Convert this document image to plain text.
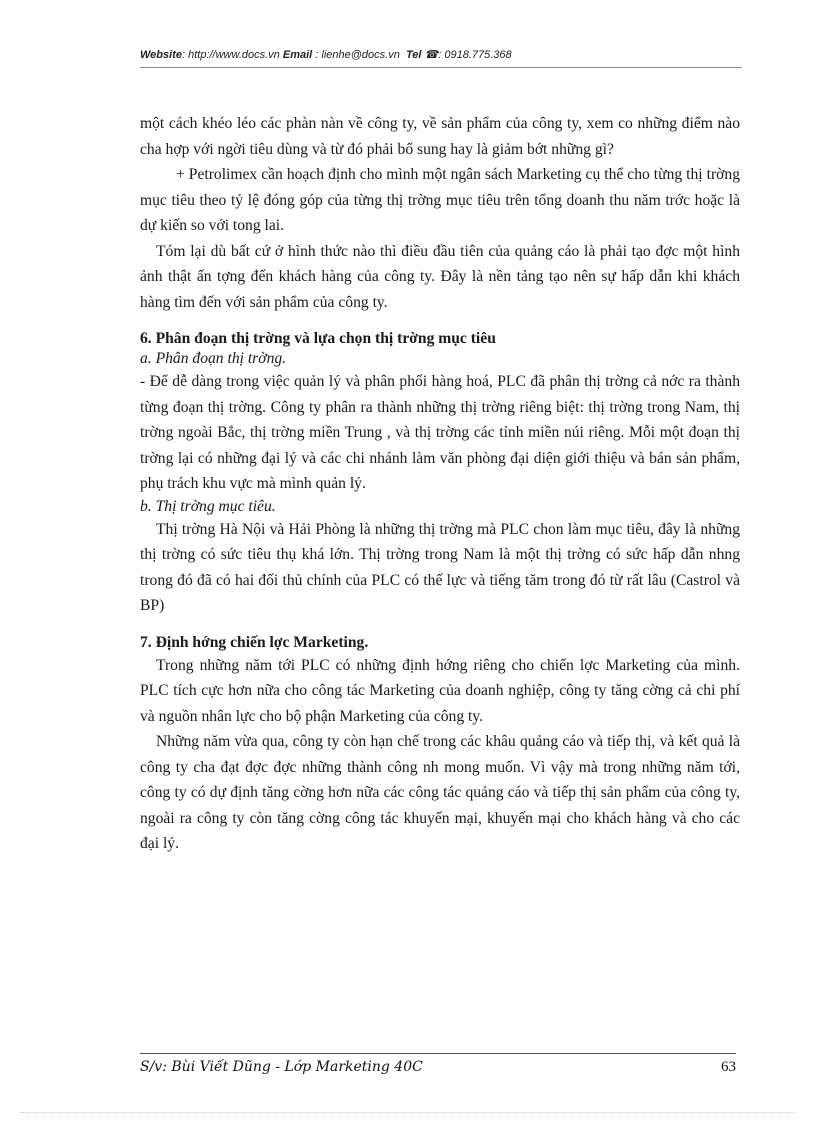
Website: http://www.docs.vn Email : lienhe@docs.vn Tel ☎: 0918.775.368

một cách khéo léo các phàn nàn về công ty, về sản phẩm của công ty, xem co những điểm nào cha hợp với ngời tiêu dùng và từ đó phải bổ sung hay là giảm bớt những gì?

+ Petrolimex cần hoạch định cho mình một ngân sách Marketing cụ thể cho từng thị trờng mục tiêu theo tỷ lệ đóng góp của từng thị trờng mục tiêu trên tổng doanh thu năm trớc hoặc là dự kiến so với tong lai.

Tóm lại dù bất cứ ở hình thức nào thì điều đầu tiên của quảng cáo là phải tạo đợc một hình ảnh thật ấn tợng đến khách hàng của công ty. Đây là nền tảng tạo nên sự hấp dẫn khi khách hàng tìm đến với sản phẩm của công ty.

6. Phân đoạn thị trờng và lựa chọn thị trờng mục tiêu

a. Phân đoạn thị trờng.

- Để dễ dàng trong việc quản lý và phân phối hàng hoá, PLC đã phân thị trờng cả nớc ra thành từng đoạn thị trờng. Công ty phân ra thành những thị trờng riêng biệt: thị trờng trong Nam, thị trờng ngoài Bắc, thị trờng miền Trung , và thị trờng các tỉnh miền núi riêng. Mỗi một đoạn thị trờng lại có những đại lý và các chi nhánh làm văn phòng đại diện giới thiệu và bán sản phẩm, phụ trách khu vực mà mình quản lý.

b. Thị trờng mục tiêu.

Thị trờng Hà Nội và Hải Phòng là những thị trờng mà PLC chon làm mục tiêu, đây là những thị trờng có sức tiêu thụ khá lớn. Thị trờng trong Nam là một thị trờng có sức hấp dẫn nhng trong đó đã có hai đối thủ chính của PLC có thế lực và tiếng tăm trong đó từ rất lâu (Castrol và BP)

7. Định hớng chiến lợc Marketing.

Trong những năm tới PLC có những định hớng riêng cho chiến lợc Marketing của mình. PLC tích cực hơn nữa cho công tác Marketing của doanh nghiệp, công ty tăng cờng cả chi phí và nguồn nhân lực cho bộ phận Marketing của công ty.

Những năm vừa qua, công ty còn hạn chế trong các khâu quảng cáo và tiếp thị, và kết quả là công ty cha đạt đợc đợc những thành công nh mong muốn. Vì vậy mà trong những năm tới, công ty có dự định tăng cờng hơn nữa các công tác quảng cáo và tiếp thị sản phẩm của công ty, ngoài ra công ty còn tăng cờng công tác khuyến mại, khuyến mại cho khách hàng và cho các đại lý.

S/v: Bùi Viết Dũng - Lớp Marketing 40C	63
